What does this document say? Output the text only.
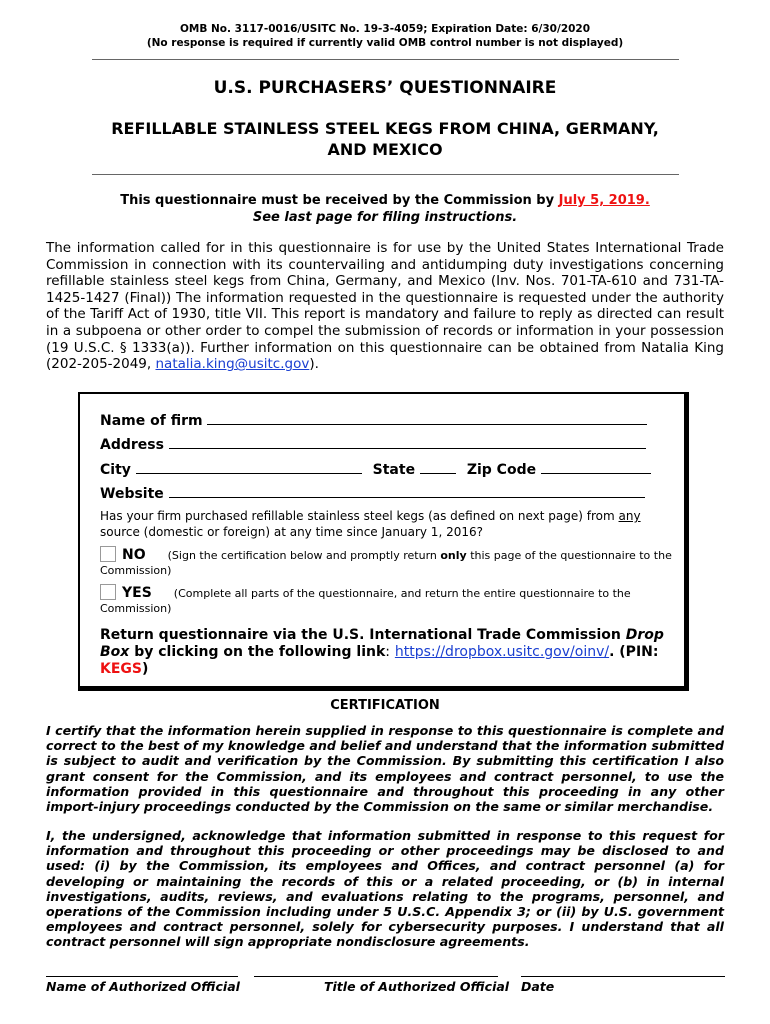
OMB No. 3117-0016/USITC No. 19-3-4059; Expiration Date: 6/30/2020
(No response is required if currently valid OMB control number is not displayed)
U.S. PURCHASERS’ QUESTIONNAIRE
REFILLABLE STAINLESS STEEL KEGS FROM CHINA, GERMANY, AND MEXICO
This questionnaire must be received by the Commission by July 5, 2019.
See last page for filing instructions.
The information called for in this questionnaire is for use by the United States International Trade Commission in connection with its countervailing and antidumping duty investigations concerning refillable stainless steel kegs from China, Germany, and Mexico (Inv. Nos. 701-TA-610 and 731-TA-1425-1427 (Final)) The information requested in the questionnaire is requested under the authority of the Tariff Act of 1930, title VII. This report is mandatory and failure to reply as directed can result in a subpoena or other order to compel the submission of records or information in your possession (19 U.S.C. § 1333(a)). Further information on this questionnaire can be obtained from Natalia King (202-205-2049, natalia.king@usitc.gov).
Name of firm
Address
City	State	Zip Code
Website
Has your firm purchased refillable stainless steel kegs (as defined on next page) from any source (domestic or foreign) at any time since January 1, 2016?
NO (Sign the certification below and promptly return only this page of the questionnaire to the Commission)
YES (Complete all parts of the questionnaire, and return the entire questionnaire to the Commission)
Return questionnaire via the U.S. International Trade Commission Drop Box by clicking on the following link: https://dropbox.usitc.gov/oinv/. (PIN: KEGS)
CERTIFICATION
I certify that the information herein supplied in response to this questionnaire is complete and correct to the best of my knowledge and belief and understand that the information submitted is subject to audit and verification by the Commission. By submitting this certification I also grant consent for the Commission, and its employees and contract personnel, to use the information provided in this questionnaire and throughout this proceeding in any other import-injury proceedings conducted by the Commission on the same or similar merchandise.
I, the undersigned, acknowledge that information submitted in response to this request for information and throughout this proceeding or other proceedings may be disclosed to and used: (i) by the Commission, its employees and Offices, and contract personnel (a) for developing or maintaining the records of this or a related proceeding, or (b) in internal investigations, audits, reviews, and evaluations relating to the programs, personnel, and operations of the Commission including under 5 U.S.C. Appendix 3; or (ii) by U.S. government employees and contract personnel, solely for cybersecurity purposes. I understand that all contract personnel will sign appropriate nondisclosure agreements.
Name of Authorized Official	Title of Authorized Official Date
